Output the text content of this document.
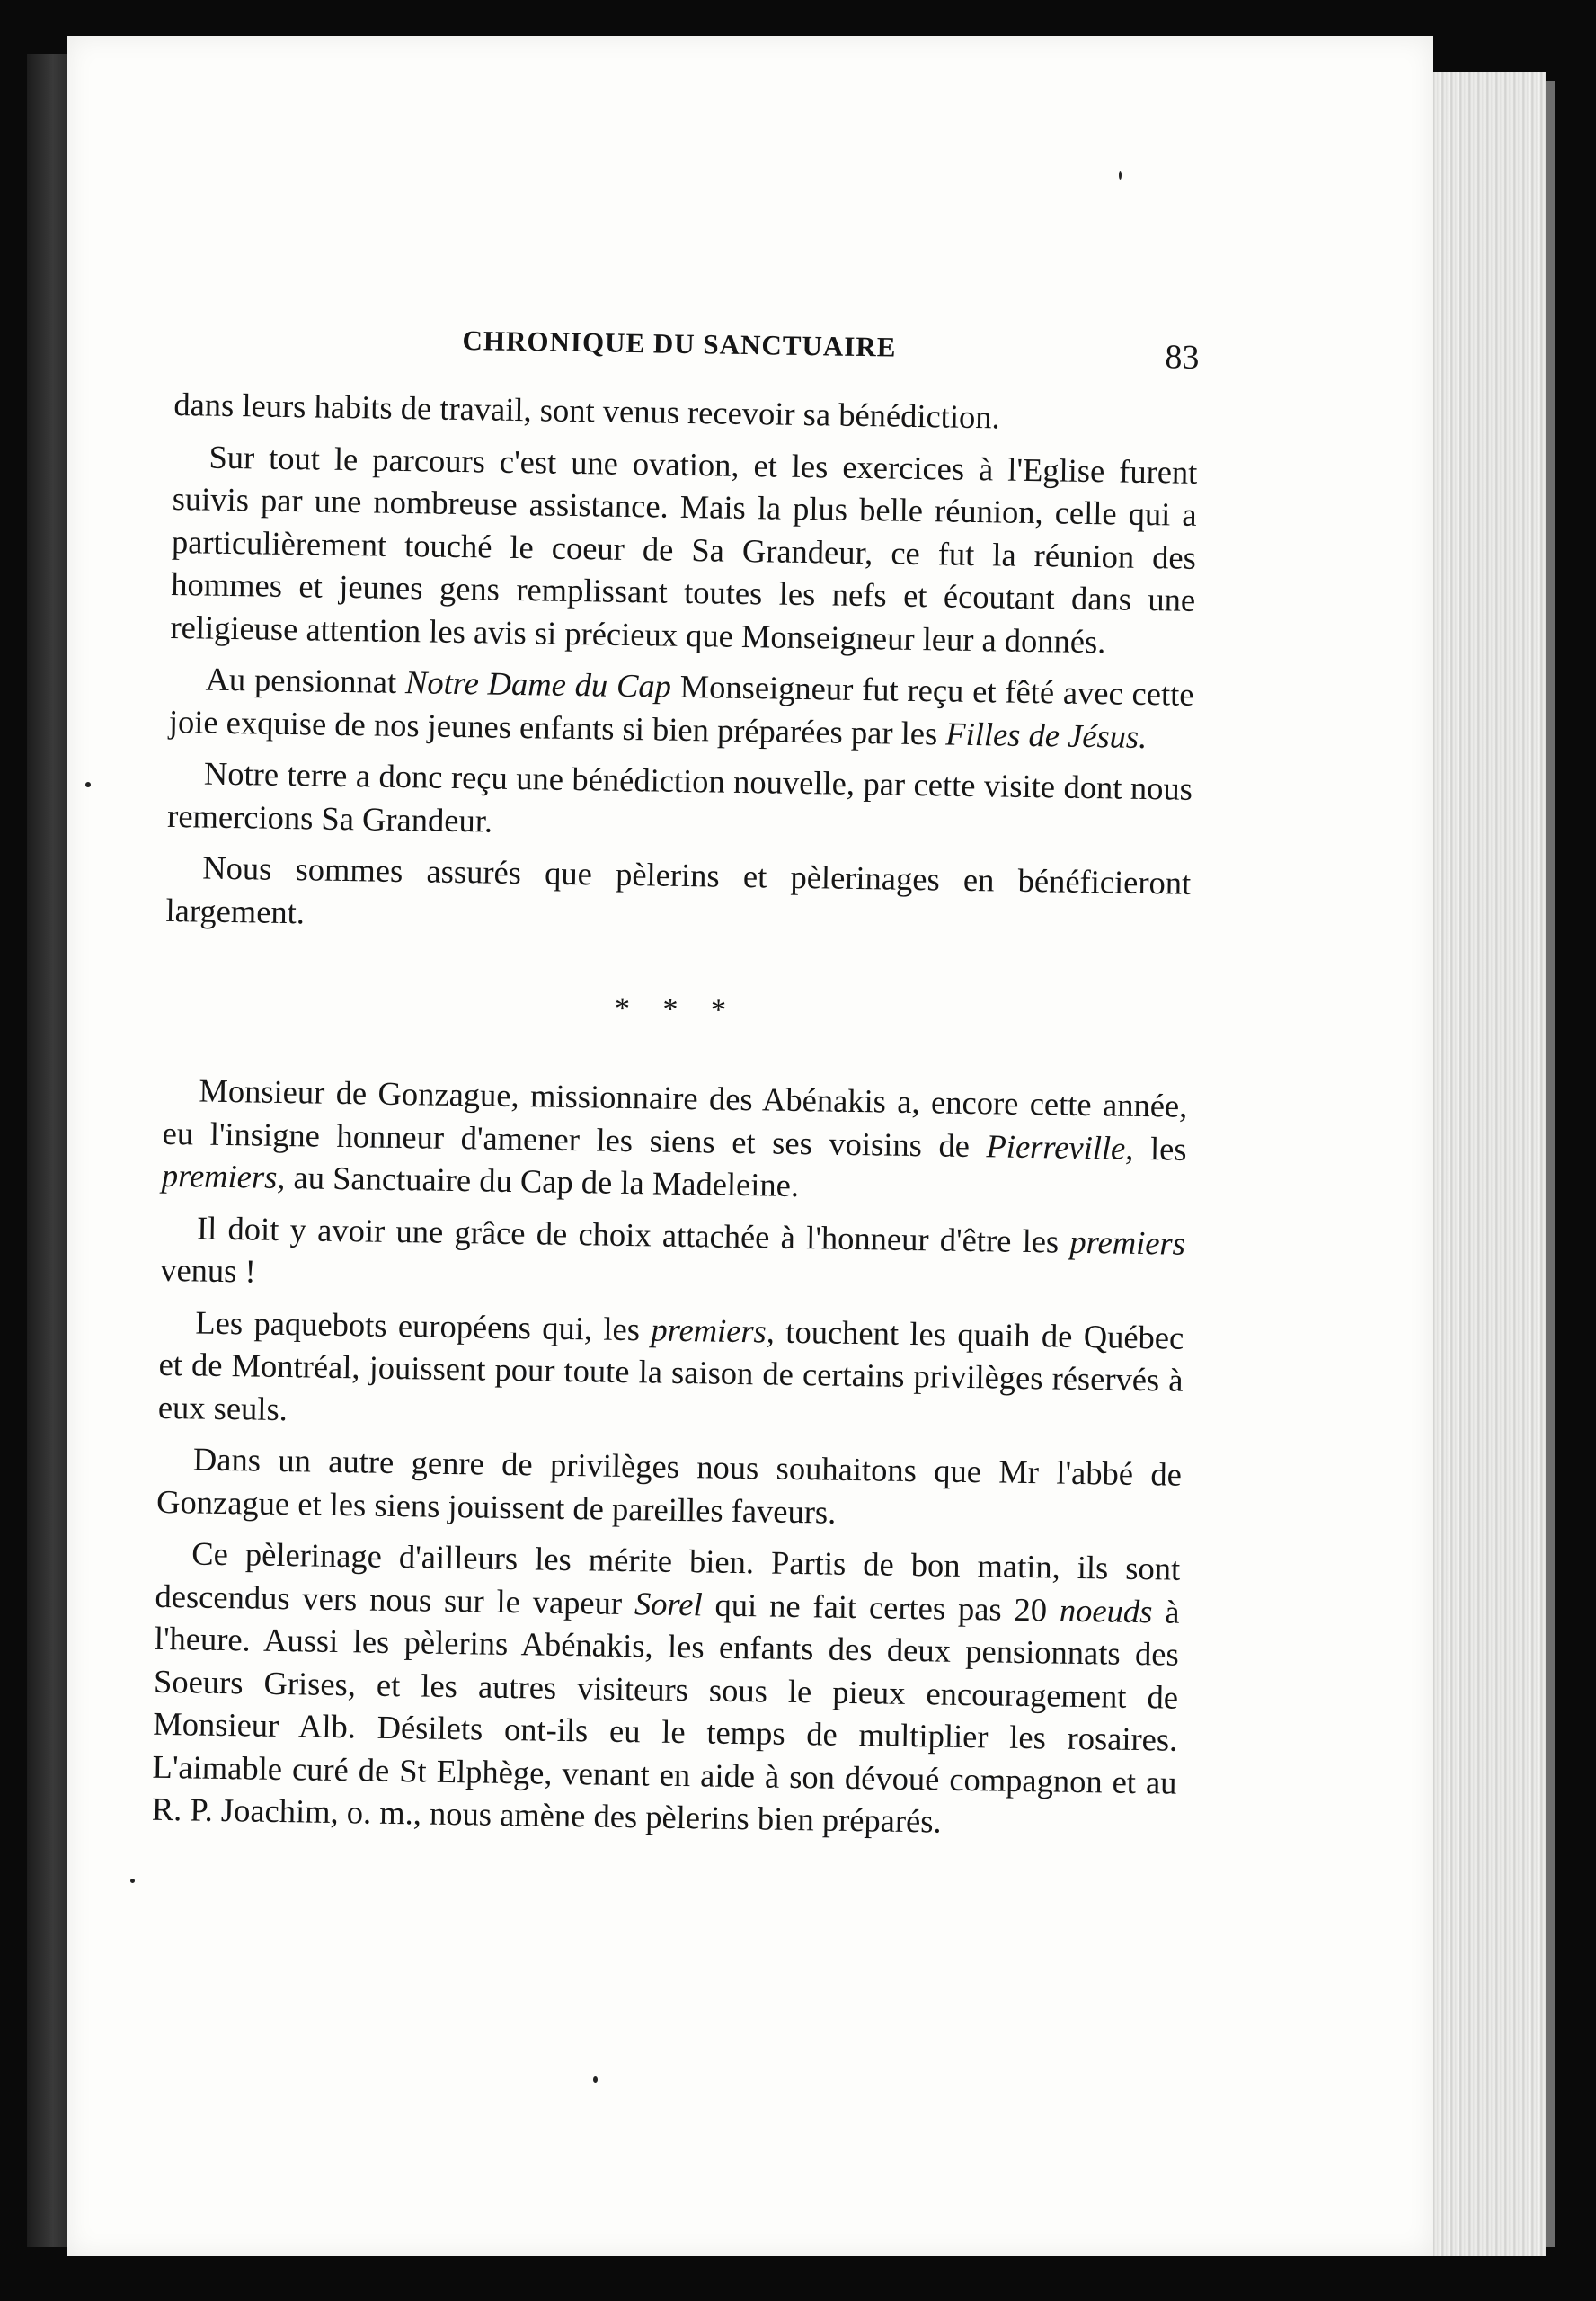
CHRONIQUE DU SANCTUAIRE	83

dans leurs habits de travail, sont venus recevoir sa bénédiction.

Sur tout le parcours c'est une ovation, et les exercices à l'Eglise furent suivis par une nombreuse assistance. Mais la plus belle réunion, celle qui a particulièrement touché le coeur de Sa Grandeur, ce fut la réunion des hommes et jeunes gens remplissant toutes les nefs et écoutant dans une religieuse attention les avis si précieux que Monseigneur leur a donnés.

Au pensionnat Notre Dame du Cap Monseigneur fut reçu et fêté avec cette joie exquise de nos jeunes enfants si bien préparées par les Filles de Jésus.

Notre terre a donc reçu une bénédiction nouvelle, par cette visite dont nous remercions Sa Grandeur.

Nous sommes assurés que pèlerins et pèlerinages en bénéficieront largement.

* * *

Monsieur de Gonzague, missionnaire des Abénakis a, encore cette année, eu l'insigne honneur d'amener les siens et ses voisins de Pierreville, les premiers, au Sanctuaire du Cap de la Madeleine.

Il doit y avoir une grâce de choix attachée à l'honneur d'être les premiers venus !

Les paquebots européens qui, les premiers, touchent les quaih de Québec et de Montréal, jouissent pour toute la saison de certains privilèges réservés à eux seuls.

Dans un autre genre de privilèges nous souhaitons que Mr l'abbé de Gonzague et les siens jouissent de pareilles faveurs.

Ce pèlerinage d'ailleurs les mérite bien. Partis de bon matin, ils sont descendus vers nous sur le vapeur Sorel qui ne fait certes pas 20 noeuds à l'heure. Aussi les pèlerins Abénakis, les enfants des deux pensionnats des Soeurs Grises, et les autres visiteurs sous le pieux encouragement de Monsieur Alb. Désilets ont-ils eu le temps de multiplier les rosaires. L'aimable curé de St Elphège, venant en aide à son dévoué compagnon et au R. P. Joachim, o. m., nous amène des pèlerins bien préparés.
